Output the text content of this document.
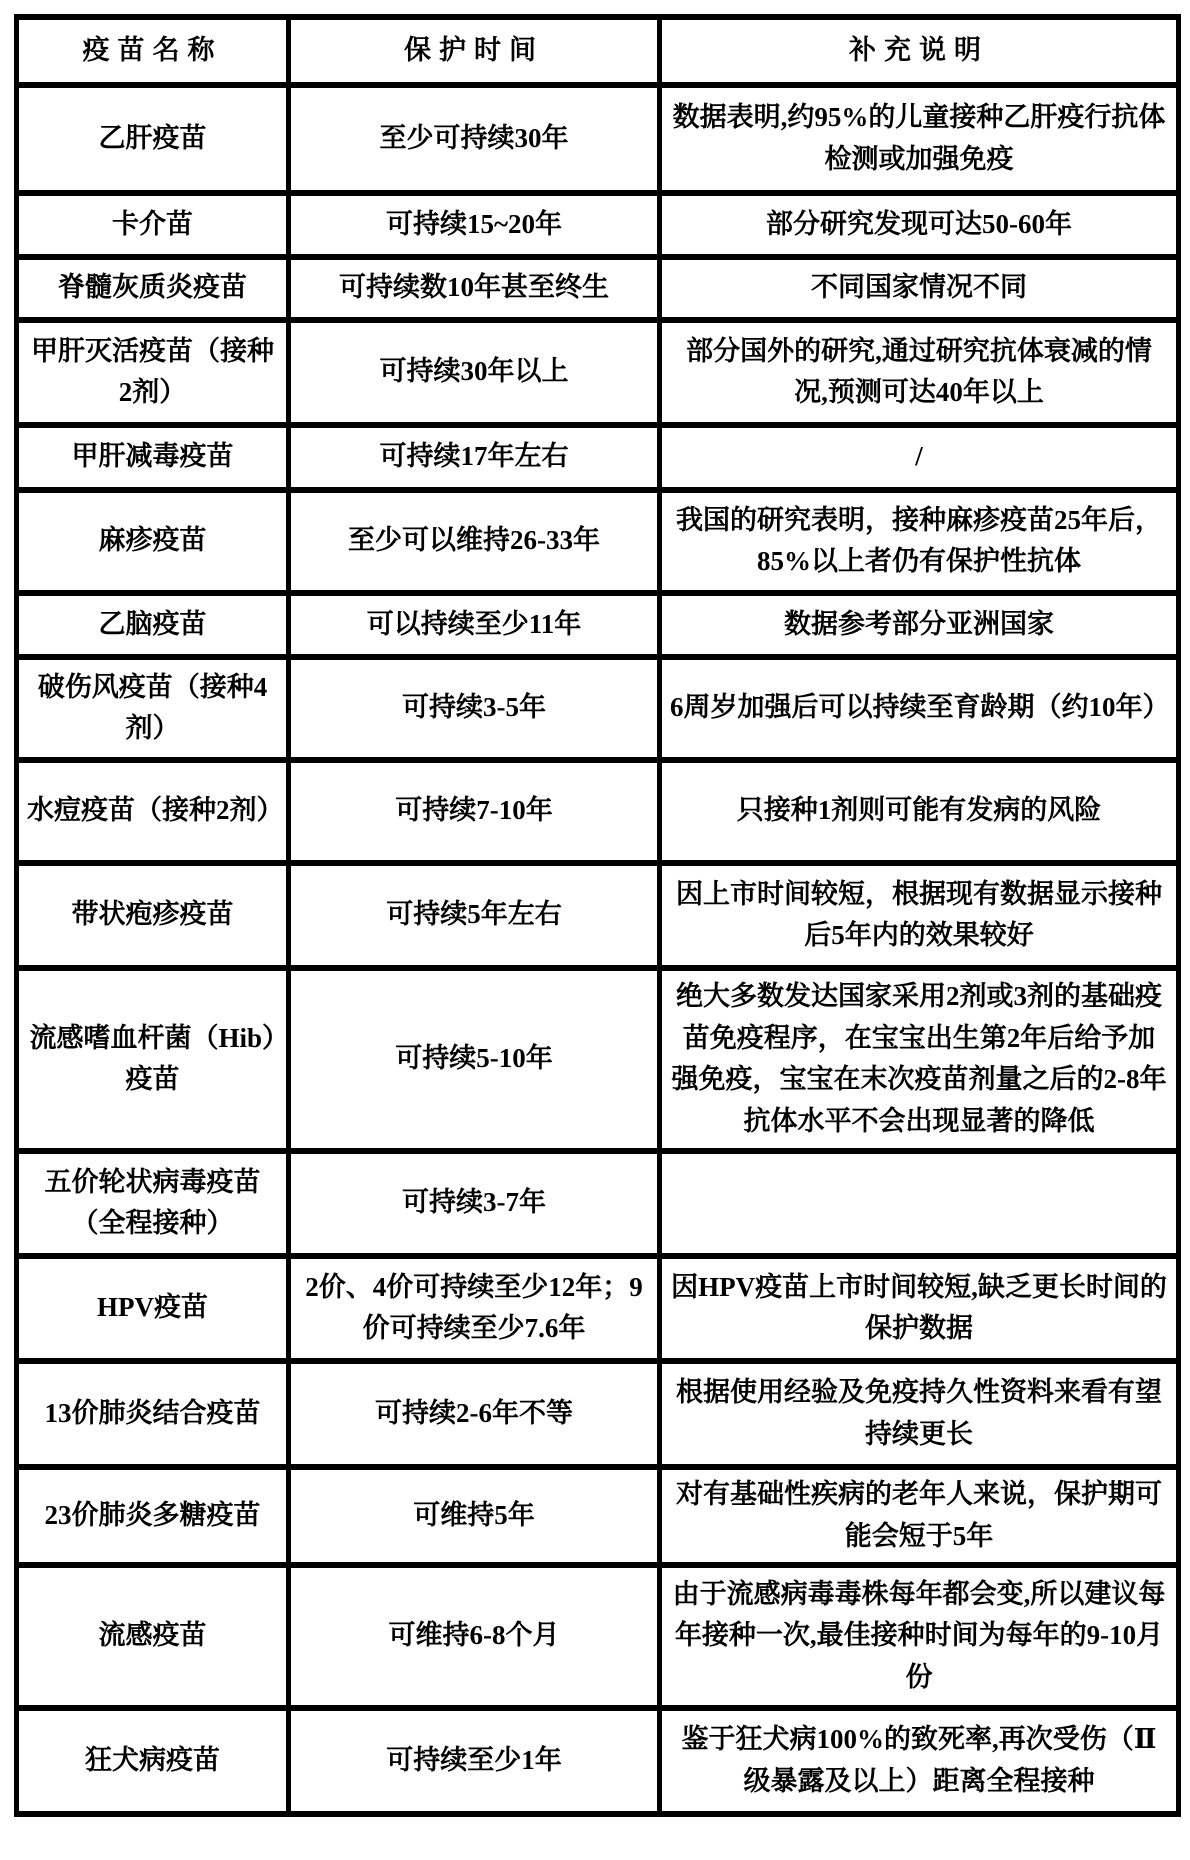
疫苗名称	保护时间	补充说明
乙肝疫苗	至少可持续30年	数据表明,约95%的儿童接种乙肝疫行抗体检测或加强免疫
卡介苗	可持续15~20年	部分研究发现可达50-60年
脊髓灰质炎疫苗	可持续数10年甚至终生	不同国家情况不同
甲肝灭活疫苗（接种2剂）	可持续30年以上	部分国外的研究,通过研究抗体衰减的情况,预测可达40年以上
甲肝减毒疫苗	可持续17年左右	/
麻疹疫苗	至少可以维持26-33年	我国的研究表明，接种麻疹疫苗25年后，85%以上者仍有保护性抗体
乙脑疫苗	可以持续至少11年	数据参考部分亚洲国家
破伤风疫苗（接种4剂）	可持续3-5年	6周岁加强后可以持续至育龄期（约10年）
水痘疫苗（接种2剂）	可持续7-10年	只接种1剂则可能有发病的风险
带状疱疹疫苗	可持续5年左右	因上市时间较短，根据现有数据显示接种后5年内的效果较好
流感嗜血杆菌（Hib）疫苗	可持续5-10年	绝大多数发达国家采用2剂或3剂的基础疫苗免疫程序，在宝宝出生第2年后给予加强免疫，宝宝在末次疫苗剂量之后的2-8年抗体水平不会出现显著的降低
五价轮状病毒疫苗（全程接种）	可持续3-7年	
HPV疫苗	2价、4价可持续至少12年；9价可持续至少7.6年	因HPV疫苗上市时间较短,缺乏更长时间的保护数据
13价肺炎结合疫苗	可持续2-6年不等	根据使用经验及免疫持久性资料来看有望持续更长
23价肺炎多糖疫苗	可维持5年	对有基础性疾病的老年人来说，保护期可能会短于5年
流感疫苗	可维持6-8个月	由于流感病毒毒株每年都会变,所以建议每年接种一次,最佳接种时间为每年的9-10月份
狂犬病疫苗	可持续至少1年	鉴于狂犬病100%的致死率,再次受伤（Ⅱ级暴露及以上）距离全程接种
